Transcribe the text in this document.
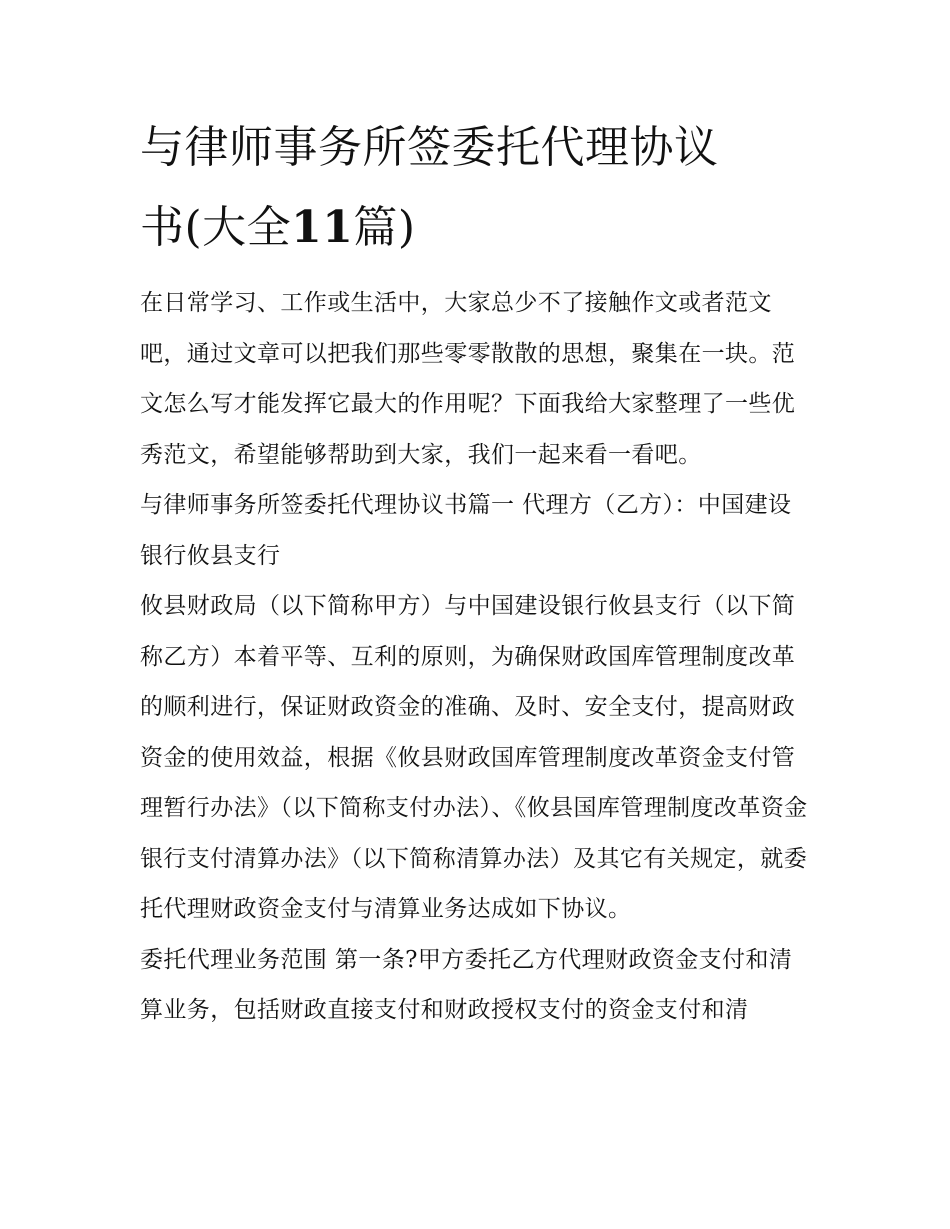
与律师事务所签委托代理协议
书(大全11篇)

在日常学习、工作或生活中，大家总少不了接触作文或者范文吧，通过文章可以把我们那些零零散散的思想，聚集在一块。范文怎么写才能发挥它最大的作用呢？下面我给大家整理了一些优秀范文，希望能够帮助到大家，我们一起来看一看吧。

与律师事务所签委托代理协议书篇一 代理方（乙方）：中国建设银行攸县支行

攸县财政局（以下简称甲方）与中国建设银行攸县支行（以下简称乙方）本着平等、互利的原则，为确保财政国库管理制度改革的顺利进行，保证财政资金的准确、及时、安全支付，提高财政资金的使用效益，根据《攸县财政国库管理制度改革资金支付管理暂行办法》（以下简称支付办法）、《攸县国库管理制度改革资金银行支付清算办法》（以下简称清算办法）及其它有关规定，就委托代理财政资金支付与清算业务达成如下协议。

委托代理业务范围 第一条?甲方委托乙方代理财政资金支付和清算业务，包括财政直接支付和财政授权支付的资金支付和清
